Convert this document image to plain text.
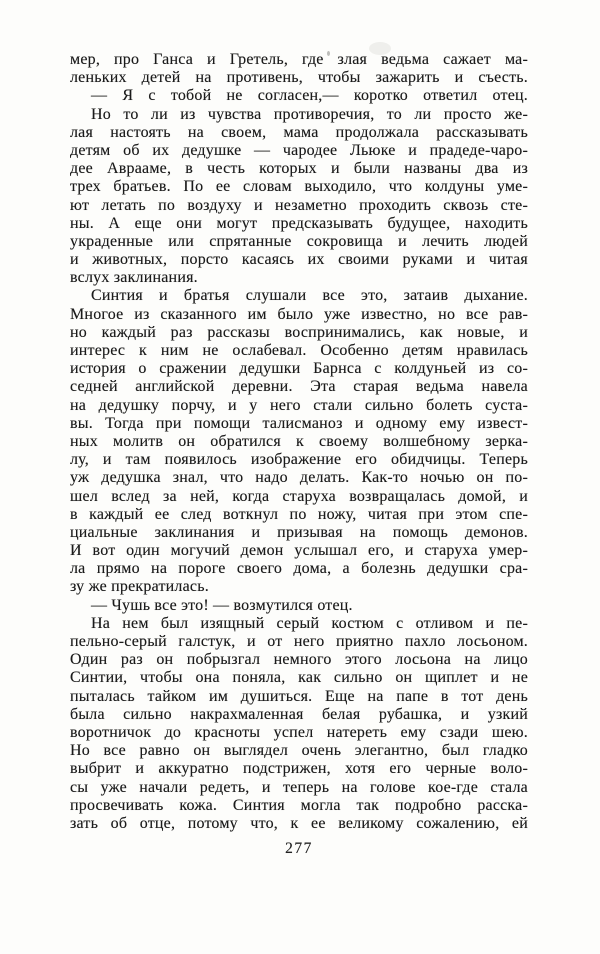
мер, про Ганса и Гретель, где злая ведьма сажает ма-
леньких детей на противень, чтобы зажарить и съесть.
— Я с тобой не согласен,— коротко ответил отец.
Но то ли из чувства противоречия, то ли просто же-
лая настоять на своем, мама продолжала рассказывать
детям об их дедушке — чародее Льюке и прадеде-чаро-
дее Аврааме, в честь которых и были названы два из
трех братьев. По ее словам выходило, что колдуны уме-
ют летать по воздуху и незаметно проходить сквозь сте-
ны. А еще они могут предсказывать будущее, находить
украденные или спрятанные сокровища и лечить людей
и животных, порсто касаясь их своими руками и читая
вслух заклинания.
Синтия и братья слушали все это, затаив дыхание.
Многое из сказанного им было уже известно, но все рав-
но каждый раз рассказы воспринимались, как новые, и
интерес к ним не ослабевал. Особенно детям нравилась
история о сражении дедушки Барнса с колдуньей из со-
седней английской деревни. Эта старая ведьма навела
на дедушку порчу, и у него стали сильно болеть суста-
вы. Тогда при помощи талисманоз и одному ему извест-
ных молитв он обратился к своему волшебному зерка-
лу, и там появилось изображение его обидчицы. Теперь
уж дедушка знал, что надо делать. Как-то ночью он по-
шел вслед за ней, когда старуха возвращалась домой, и
в каждый ее след воткнул по ножу, читая при этом спе-
циальные заклинания и призывая на помощь демонов.
И вот один могучий демон услышал его, и старуха умер-
ла прямо на пороге своего дома, а болезнь дедушки сра-
зу же прекратилась.
— Чушь все это! — возмутился отец.
На нем был изящный серый костюм с отливом и пе-
пельно-серый галстук, и от него приятно пахло лосьоном.
Один раз он побрызгал немного этого лосьона на лицо
Синтии, чтобы она поняла, как сильно он щиплет и не
пыталась тайком им душиться. Еще на папе в тот день
была сильно накрахмаленная белая рубашка, и узкий
воротничок до красноты успел натереть ему сзади шею.
Но все равно он выглядел очень элегантно, был гладко
выбрит и аккуратно подстрижен, хотя его черные воло-
сы уже начали редеть, и теперь на голове кое-где стала
просвечивать кожа. Синтия могла так подробно расска-
зать об отце, потому что, к ее великому сожалению, ей
277
